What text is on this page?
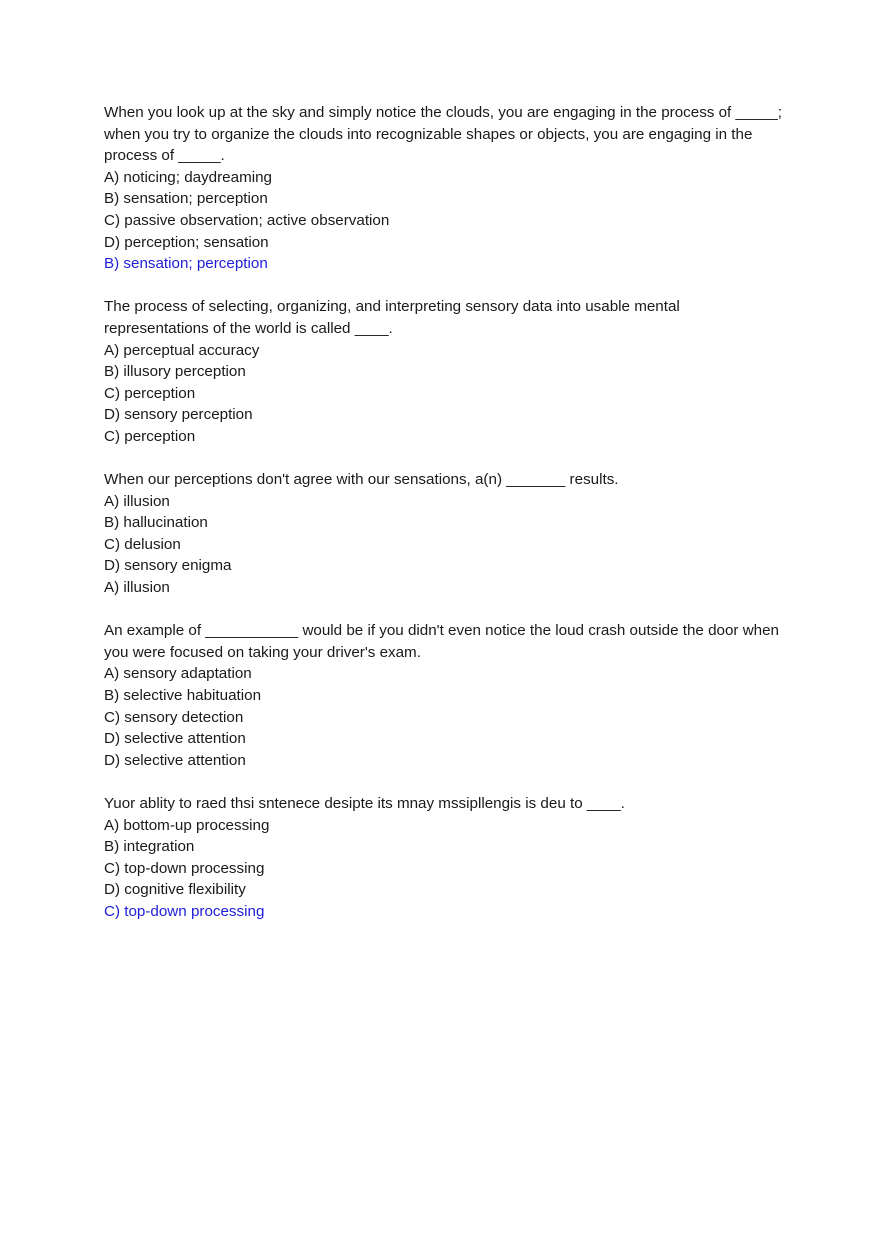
When you look up at the sky and simply notice the clouds, you are engaging in the process of _____; when you try to organize the clouds into recognizable shapes or objects, you are engaging in the process of _____.

A) noticing; daydreaming

B) sensation; perception

C) passive observation; active observation

D) perception; sensation

B) sensation; perception

The process of selecting, organizing, and interpreting sensory data into usable mental representations of the world is called ____.

A) perceptual accuracy

B) illusory perception

C) perception

D) sensory perception

C) perception

When our perceptions don't agree with our sensations, a(n) _______ results.

A) illusion

B) hallucination

C) delusion

D) sensory enigma

A) illusion

An example of ___________ would be if you didn't even notice the loud crash outside the door when you were focused on taking your driver's exam.

A) sensory adaptation

B) selective habituation

C) sensory detection

D) selective attention

D) selective attention

Yuor ablity to raed thsi sntenece desipte its mnay mssipllengis is deu to ____.

A) bottom-up processing

B) integration

C) top-down processing

D) cognitive flexibility

C) top-down processing
